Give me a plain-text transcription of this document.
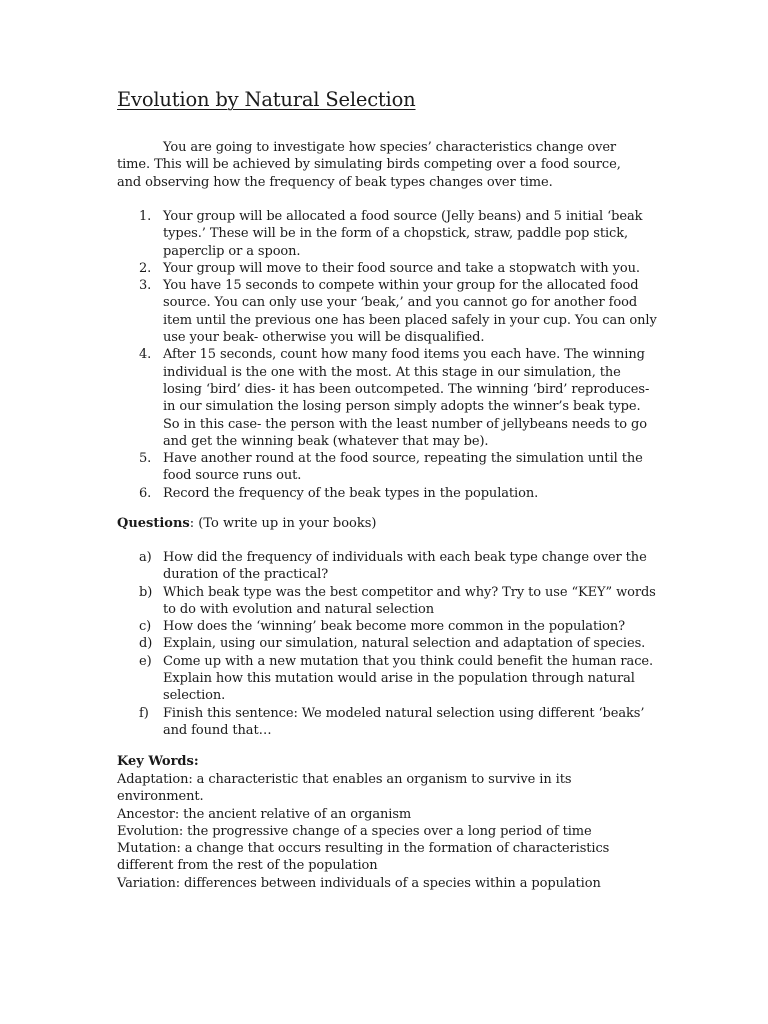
Evolution by Natural Selection

You are going to investigate how species’ characteristics change over time. This will be achieved by simulating birds competing over a food source, and observing how the frequency of beak types changes over time.

1. Your group will be allocated a food source (Jelly beans) and 5 initial ‘beak types.’ These will be in the form of a chopstick, straw, paddle pop stick, paperclip or a spoon.
2. Your group will move to their food source and take a stopwatch with you.
3. You have 15 seconds to compete within your group for the allocated food source. You can only use your ‘beak,’ and you cannot go for another food item until the previous one has been placed safely in your cup. You can only use your beak- otherwise you will be disqualified.
4. After 15 seconds, count how many food items you each have. The winning individual is the one with the most. At this stage in our simulation, the losing ‘bird’ dies- it has been outcompeted. The winning ‘bird’ reproduces- in our simulation the losing person simply adopts the winner’s beak type. So in this case- the person with the least number of jellybeans needs to go and get the winning beak (whatever that may be).
5. Have another round at the food source, repeating the simulation until the food source runs out.
6. Record the frequency of the beak types in the population.

Questions: (To write up in your books)

a) How did the frequency of individuals with each beak type change over the duration of the practical?
b) Which beak type was the best competitor and why? Try to use “KEY” words to do with evolution and natural selection
c) How does the ‘winning’ beak become more common in the population?
d) Explain, using our simulation, natural selection and adaptation of species.
e) Come up with a new mutation that you think could benefit the human race. Explain how this mutation would arise in the population through natural selection.
f) Finish this sentence: We modeled natural selection using different ‘beaks’ and found that…

Key Words:

Adaptation: a characteristic that enables an organism to survive in its environment.

Ancestor: the ancient relative of an organism

Evolution: the progressive change of a species over a long period of time

Mutation: a change that occurs resulting in the formation of characteristics different from the rest of the population

Variation: differences between individuals of a species within a population
